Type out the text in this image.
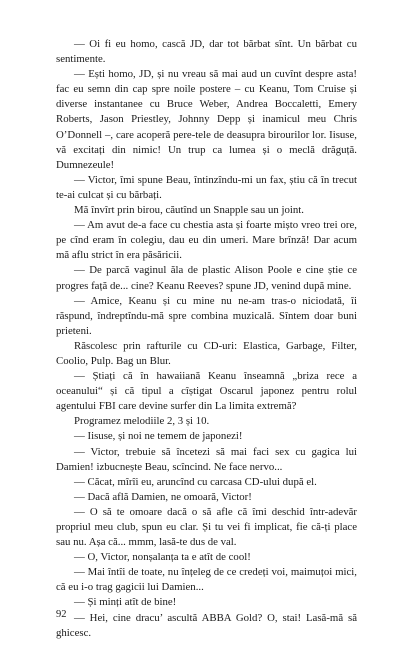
— Oi fi eu homo, cască JD, dar tot bărbat sînt. Un bărbat cu sentimente.

— Ești homo, JD, și nu vreau să mai aud un cuvînt despre asta! fac eu semn din cap spre noile postere – cu Keanu, Tom Cruise și diverse instantanee cu Bruce Weber, Andrea Boccaletti, Emery Roberts, Jason Priestley, Johnny Depp și inamicul meu Chris O’Donnell –, care acoperă pere-tele de deasupra birourilor lor. Iisuse, vă excitați din nimic! Un trup ca lumea și o meclă drăguță. Dumnezeule!

— Victor, îmi spune Beau, întinzîndu-mi un fax, știu că în trecut te-ai culcat și cu bărbați.

Mă învîrt prin birou, căutînd un Snapple sau un joint.

— Am avut de-a face cu chestia asta și foarte mișto vreo trei ore, pe cînd eram în colegiu, dau eu din umeri. Mare brînză! Dar acum mă aflu strict în era păsăricii.

— De parcă vaginul ăla de plastic Alison Poole e cine știe ce progres față de... cine? Keanu Reeves? spune JD, venind după mine.

— Amice, Keanu și cu mine nu ne-am tras-o niciodată, îi răspund, îndreptîndu-mă spre combina muzicală. Sîntem doar buni prieteni.

Răscolesc prin rafturile cu CD-uri: Elastica, Garbage, Filter, Coolio, Pulp. Bag un Blur.

— Știați că în hawaiiană Keanu înseamnă „briza rece a oceanului“ și că tipul a cîștigat Oscarul japonez pentru rolul agentului FBI care devine surfer din La limita extremă?

Programez melodiile 2, 3 și 10.

— Iisuse, și noi ne temem de japonezi!

— Victor, trebuie să încetezi să mai faci sex cu gagica lui Damien! izbucnește Beau, scîncind. Ne face nervo...

— Căcat, mîrîi eu, aruncînd cu carcasa CD-ului după el.

— Dacă află Damien, ne omoară, Victor!

— O să te omoare dacă o să afle că îmi deschid într-adevăr propriul meu club, spun eu clar. Și tu vei fi implicat, fie că-ți place sau nu. Așa că... mmm, lasă-te dus de val.

— O, Victor, nonșalanța ta e atît de cool!

— Mai întîi de toate, nu înțeleg de ce credeți voi, maimuțoi mici, că eu i-o trag gagicii lui Damien...

— Și minți atît de bine!

— Hei, cine dracu’ ascultă ABBA Gold? O, stai! Lasă-mă să ghicesc.

92
